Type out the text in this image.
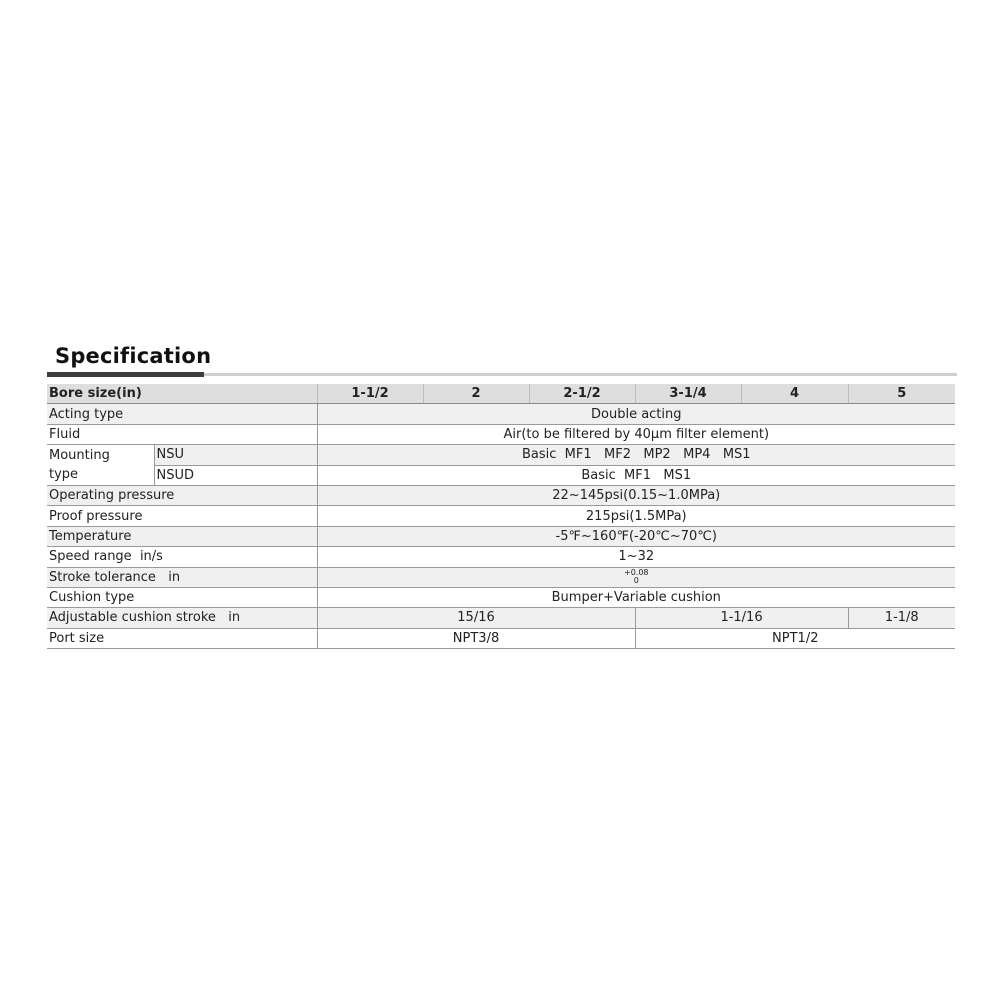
Specification
Bore size(in)		1-1/2	2	2-1/2	3-1/4	4	5
Acting type		Double acting					
Fluid		Air(to be filtered by 40μm filter element)					
Mounting
type	NSU	Basic  MF1   MF2   MP2   MP4   MS1					
	NSUD	Basic  MF1   MS1					
Operating pressure		22~145psi(0.15~1.0MPa)					
Proof pressure		215psi(1.5MPa)					
Temperature		-5℉~160℉(-20℃~70℃)					
Speed range  in/s		1~32					
Stroke tolerance   in		+0.08
0					

Cushion type		Bumper+Variable cushion					
Adjustable cushion stroke   in		15/16			1-1/16		1-1/8
Port size		NPT3/8			NPT1/2		
